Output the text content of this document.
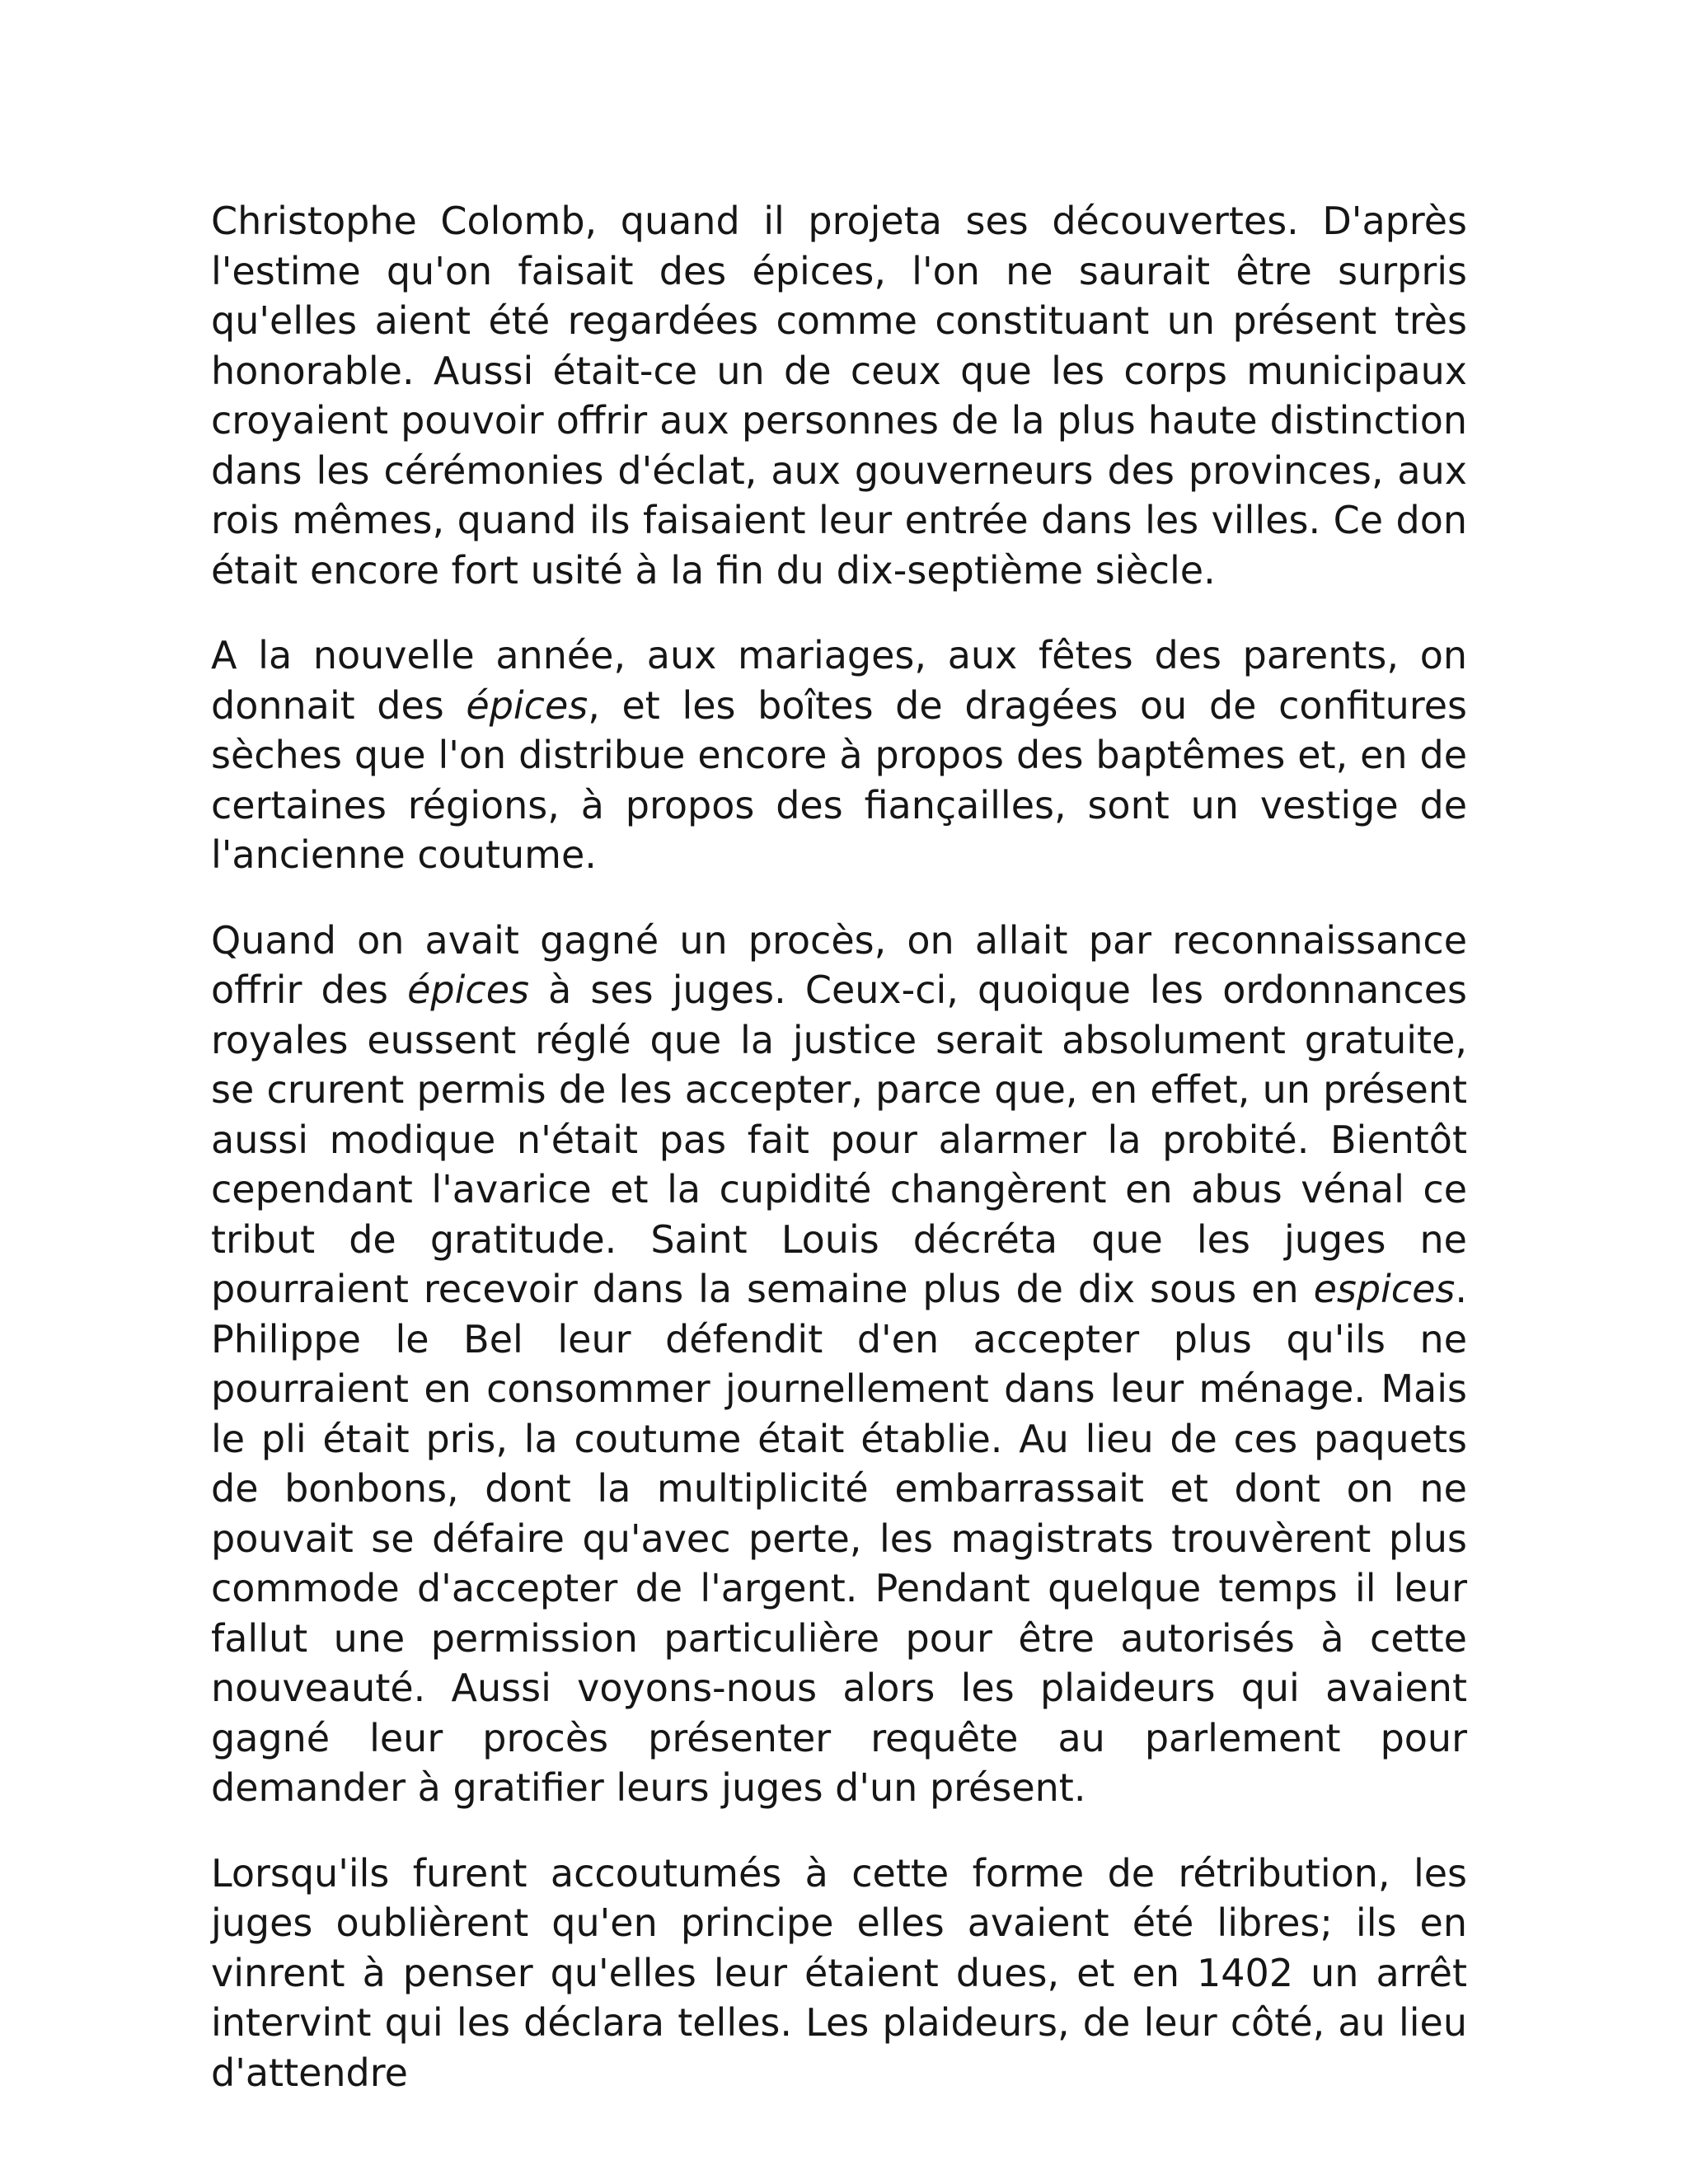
Christophe Colomb, quand il projeta ses découvertes. D'après l'estime qu'on faisait des épices, l'on ne saurait être surpris qu'elles aient été regardées comme constituant un présent très honorable. Aussi était-ce un de ceux que les corps municipaux croyaient pouvoir offrir aux personnes de la plus haute distinction dans les cérémonies d'éclat, aux gouverneurs des provinces, aux rois mêmes, quand ils faisaient leur entrée dans les villes. Ce don était encore fort usité à la fin du dix-septième siècle.

A la nouvelle année, aux mariages, aux fêtes des parents, on donnait des épices, et les boîtes de dragées ou de confitures sèches que l'on distribue encore à propos des baptêmes et, en de certaines régions, à propos des fiançailles, sont un vestige de l'ancienne coutume.

Quand on avait gagné un procès, on allait par reconnaissance offrir des épices à ses juges. Ceux-ci, quoique les ordonnances royales eussent réglé que la justice serait absolument gratuite, se crurent permis de les accepter, parce que, en effet, un présent aussi modique n'était pas fait pour alarmer la probité. Bientôt cependant l'avarice et la cupidité changèrent en abus vénal ce tribut de gratitude. Saint Louis décréta que les juges ne pourraient recevoir dans la semaine plus de dix sous en espices. Philippe le Bel leur défendit d'en accepter plus qu'ils ne pourraient en consommer journellement dans leur ménage. Mais le pli était pris, la coutume était établie. Au lieu de ces paquets de bonbons, dont la multiplicité embarrassait et dont on ne pouvait se défaire qu'avec perte, les magistrats trouvèrent plus commode d'accepter de l'argent. Pendant quelque temps il leur fallut une permission particulière pour être autorisés à cette nouveauté. Aussi voyons-nous alors les plaideurs qui avaient gagné leur procès présenter requête au parlement pour demander à gratifier leurs juges d'un présent.

Lorsqu'ils furent accoutumés à cette forme de rétribution, les juges oublièrent qu'en principe elles avaient été libres; ils en vinrent à penser qu'elles leur étaient dues, et en 1402 un arrêt intervint qui les déclara telles. Les plaideurs, de leur côté, au lieu d'attendre
